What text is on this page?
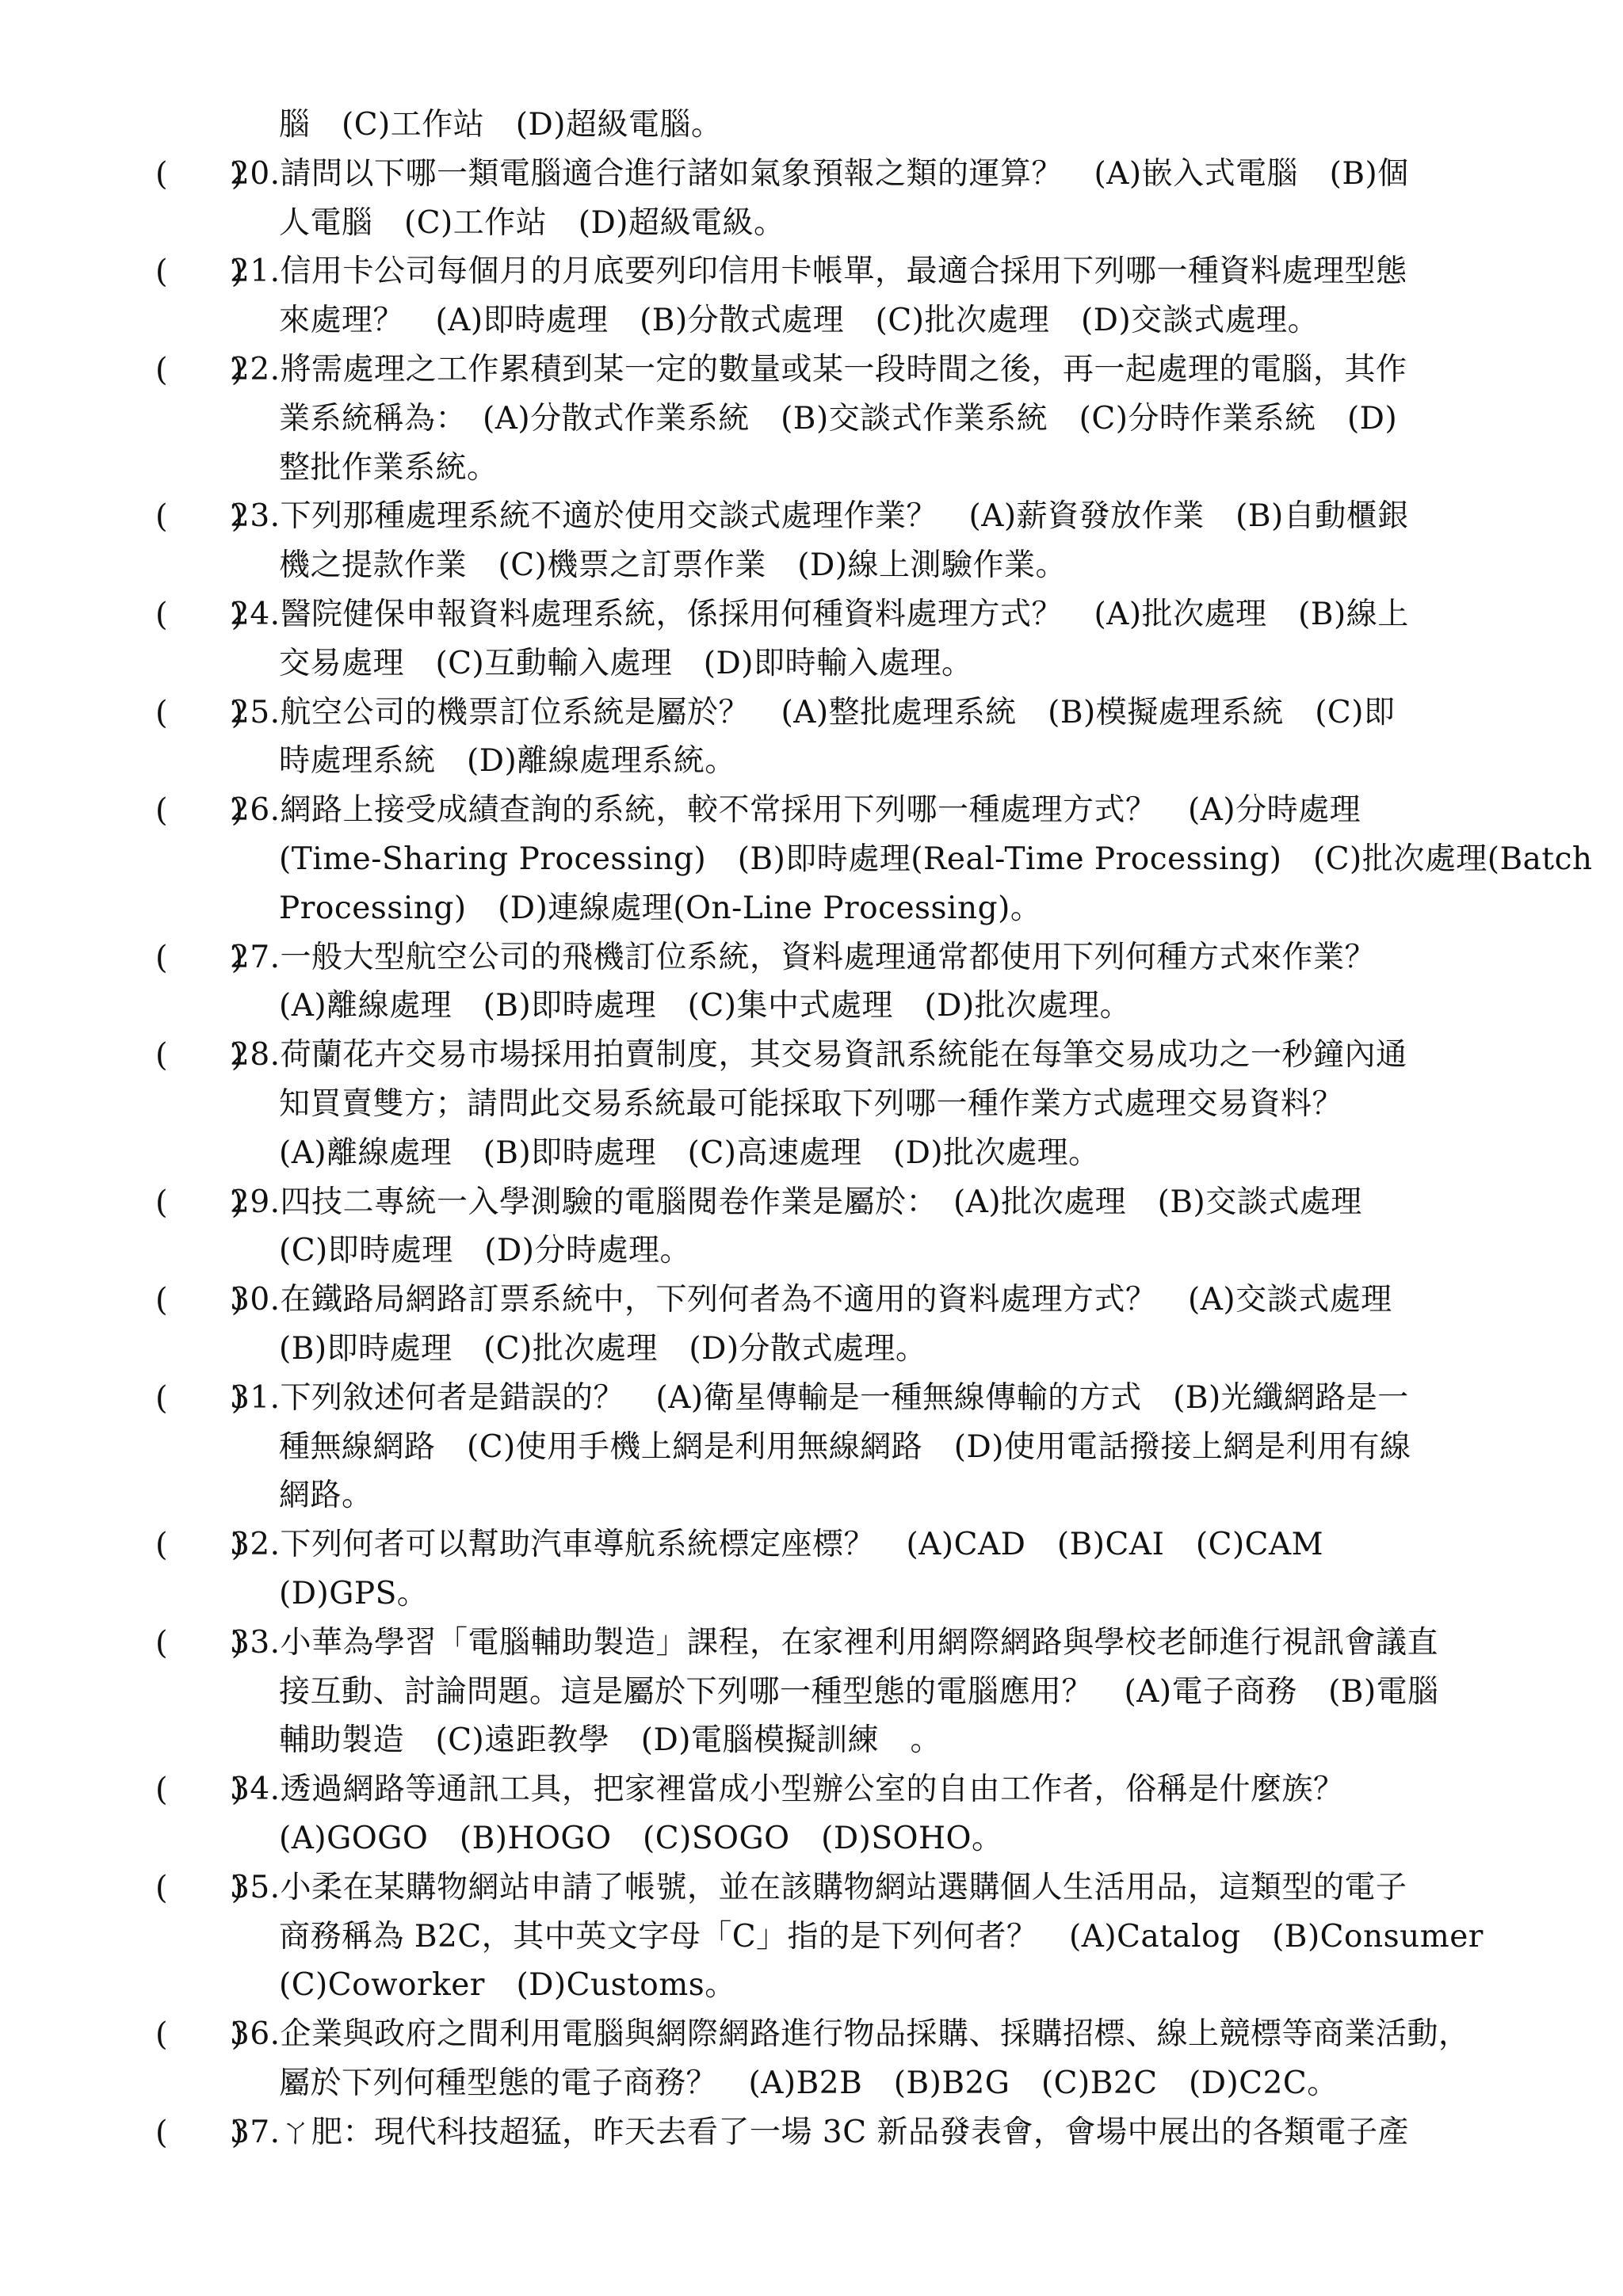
腦　(C)工作站　(D)超級電腦。
(　　)
20.請問以下哪一類電腦適合進行諸如氣象預報之類的運算？　(A)嵌入式電腦　(B)個
人電腦　(C)工作站　(D)超級電級。
(　　)
21.信用卡公司每個月的月底要列印信用卡帳單，最適合採用下列哪一種資料處理型態
來處理？　(A)即時處理　(B)分散式處理　(C)批次處理　(D)交談式處理。
(　　)
22.將需處理之工作累積到某一定的數量或某一段時間之後，再一起處理的電腦，其作
業系統稱為：　(A)分散式作業系統　(B)交談式作業系統　(C)分時作業系統　(D)
整批作業系統。
(　　)
23.下列那種處理系統不適於使用交談式處理作業？　(A)薪資發放作業　(B)自動櫃銀
機之提款作業　(C)機票之訂票作業　(D)線上測驗作業。
(　　)
24.醫院健保申報資料處理系統，係採用何種資料處理方式？　(A)批次處理　(B)線上
交易處理　(C)互動輸入處理　(D)即時輸入處理。
(　　)
25.航空公司的機票訂位系統是屬於？　(A)整批處理系統　(B)模擬處理系統　(C)即
時處理系統　(D)離線處理系統。
(　　)
26.網路上接受成績查詢的系統，較不常採用下列哪一種處理方式？　(A)分時處理
(Time-Sharing Processing)　(B)即時處理(Real-Time Processing)　(C)批次處理(Batch
Processing)　(D)連線處理(On-Line Processing)。
(　　)
27.一般大型航空公司的飛機訂位系統，資料處理通常都使用下列何種方式來作業？
(A)離線處理　(B)即時處理　(C)集中式處理　(D)批次處理。
(　　)
28.荷蘭花卉交易市場採用拍賣制度，其交易資訊系統能在每筆交易成功之一秒鐘內通
知買賣雙方；請問此交易系統最可能採取下列哪一種作業方式處理交易資料？
(A)離線處理　(B)即時處理　(C)高速處理　(D)批次處理。
(　　)
29.四技二專統一入學測驗的電腦閱卷作業是屬於：　(A)批次處理　(B)交談式處理
(C)即時處理　(D)分時處理。
(　　)
30.在鐵路局網路訂票系統中，下列何者為不適用的資料處理方式？　(A)交談式處理
(B)即時處理　(C)批次處理　(D)分散式處理。
(　　)
31.下列敘述何者是錯誤的？　(A)衛星傳輸是一種無線傳輸的方式　(B)光纖網路是一
種無線網路　(C)使用手機上網是利用無線網路　(D)使用電話撥接上網是利用有線
網路。
(　　)
32.下列何者可以幫助汽車導航系統標定座標？　(A)CAD　(B)CAI　(C)CAM
(D)GPS。
(　　)
33.小華為學習「電腦輔助製造」課程，在家裡利用網際網路與學校老師進行視訊會議直
接互動、討論問題。這是屬於下列哪一種型態的電腦應用？　(A)電子商務　(B)電腦
輔助製造　(C)遠距教學　(D)電腦模擬訓練　。
(　　)
34.透過網路等通訊工具，把家裡當成小型辦公室的自由工作者，俗稱是什麼族？
(A)GOGO　(B)HOGO　(C)SOGO　(D)SOHO。
(　　)
35.小柔在某購物網站申請了帳號，並在該購物網站選購個人生活用品，這類型的電子
商務稱為 B2C，其中英文字母「C」指的是下列何者？　(A)Catalog　(B)Consumer
(C)Coworker　(D)Customs。
(　　)
36.企業與政府之間利用電腦與網際網路進行物品採購、採購招標、線上競標等商業活動，
屬於下列何種型態的電子商務？　(A)B2B　(B)B2G　(C)B2C　(D)C2C。
(　　)
37.ㄚ肥：現代科技超猛，昨天去看了一場 3C 新品發表會，會場中展出的各類電子產
